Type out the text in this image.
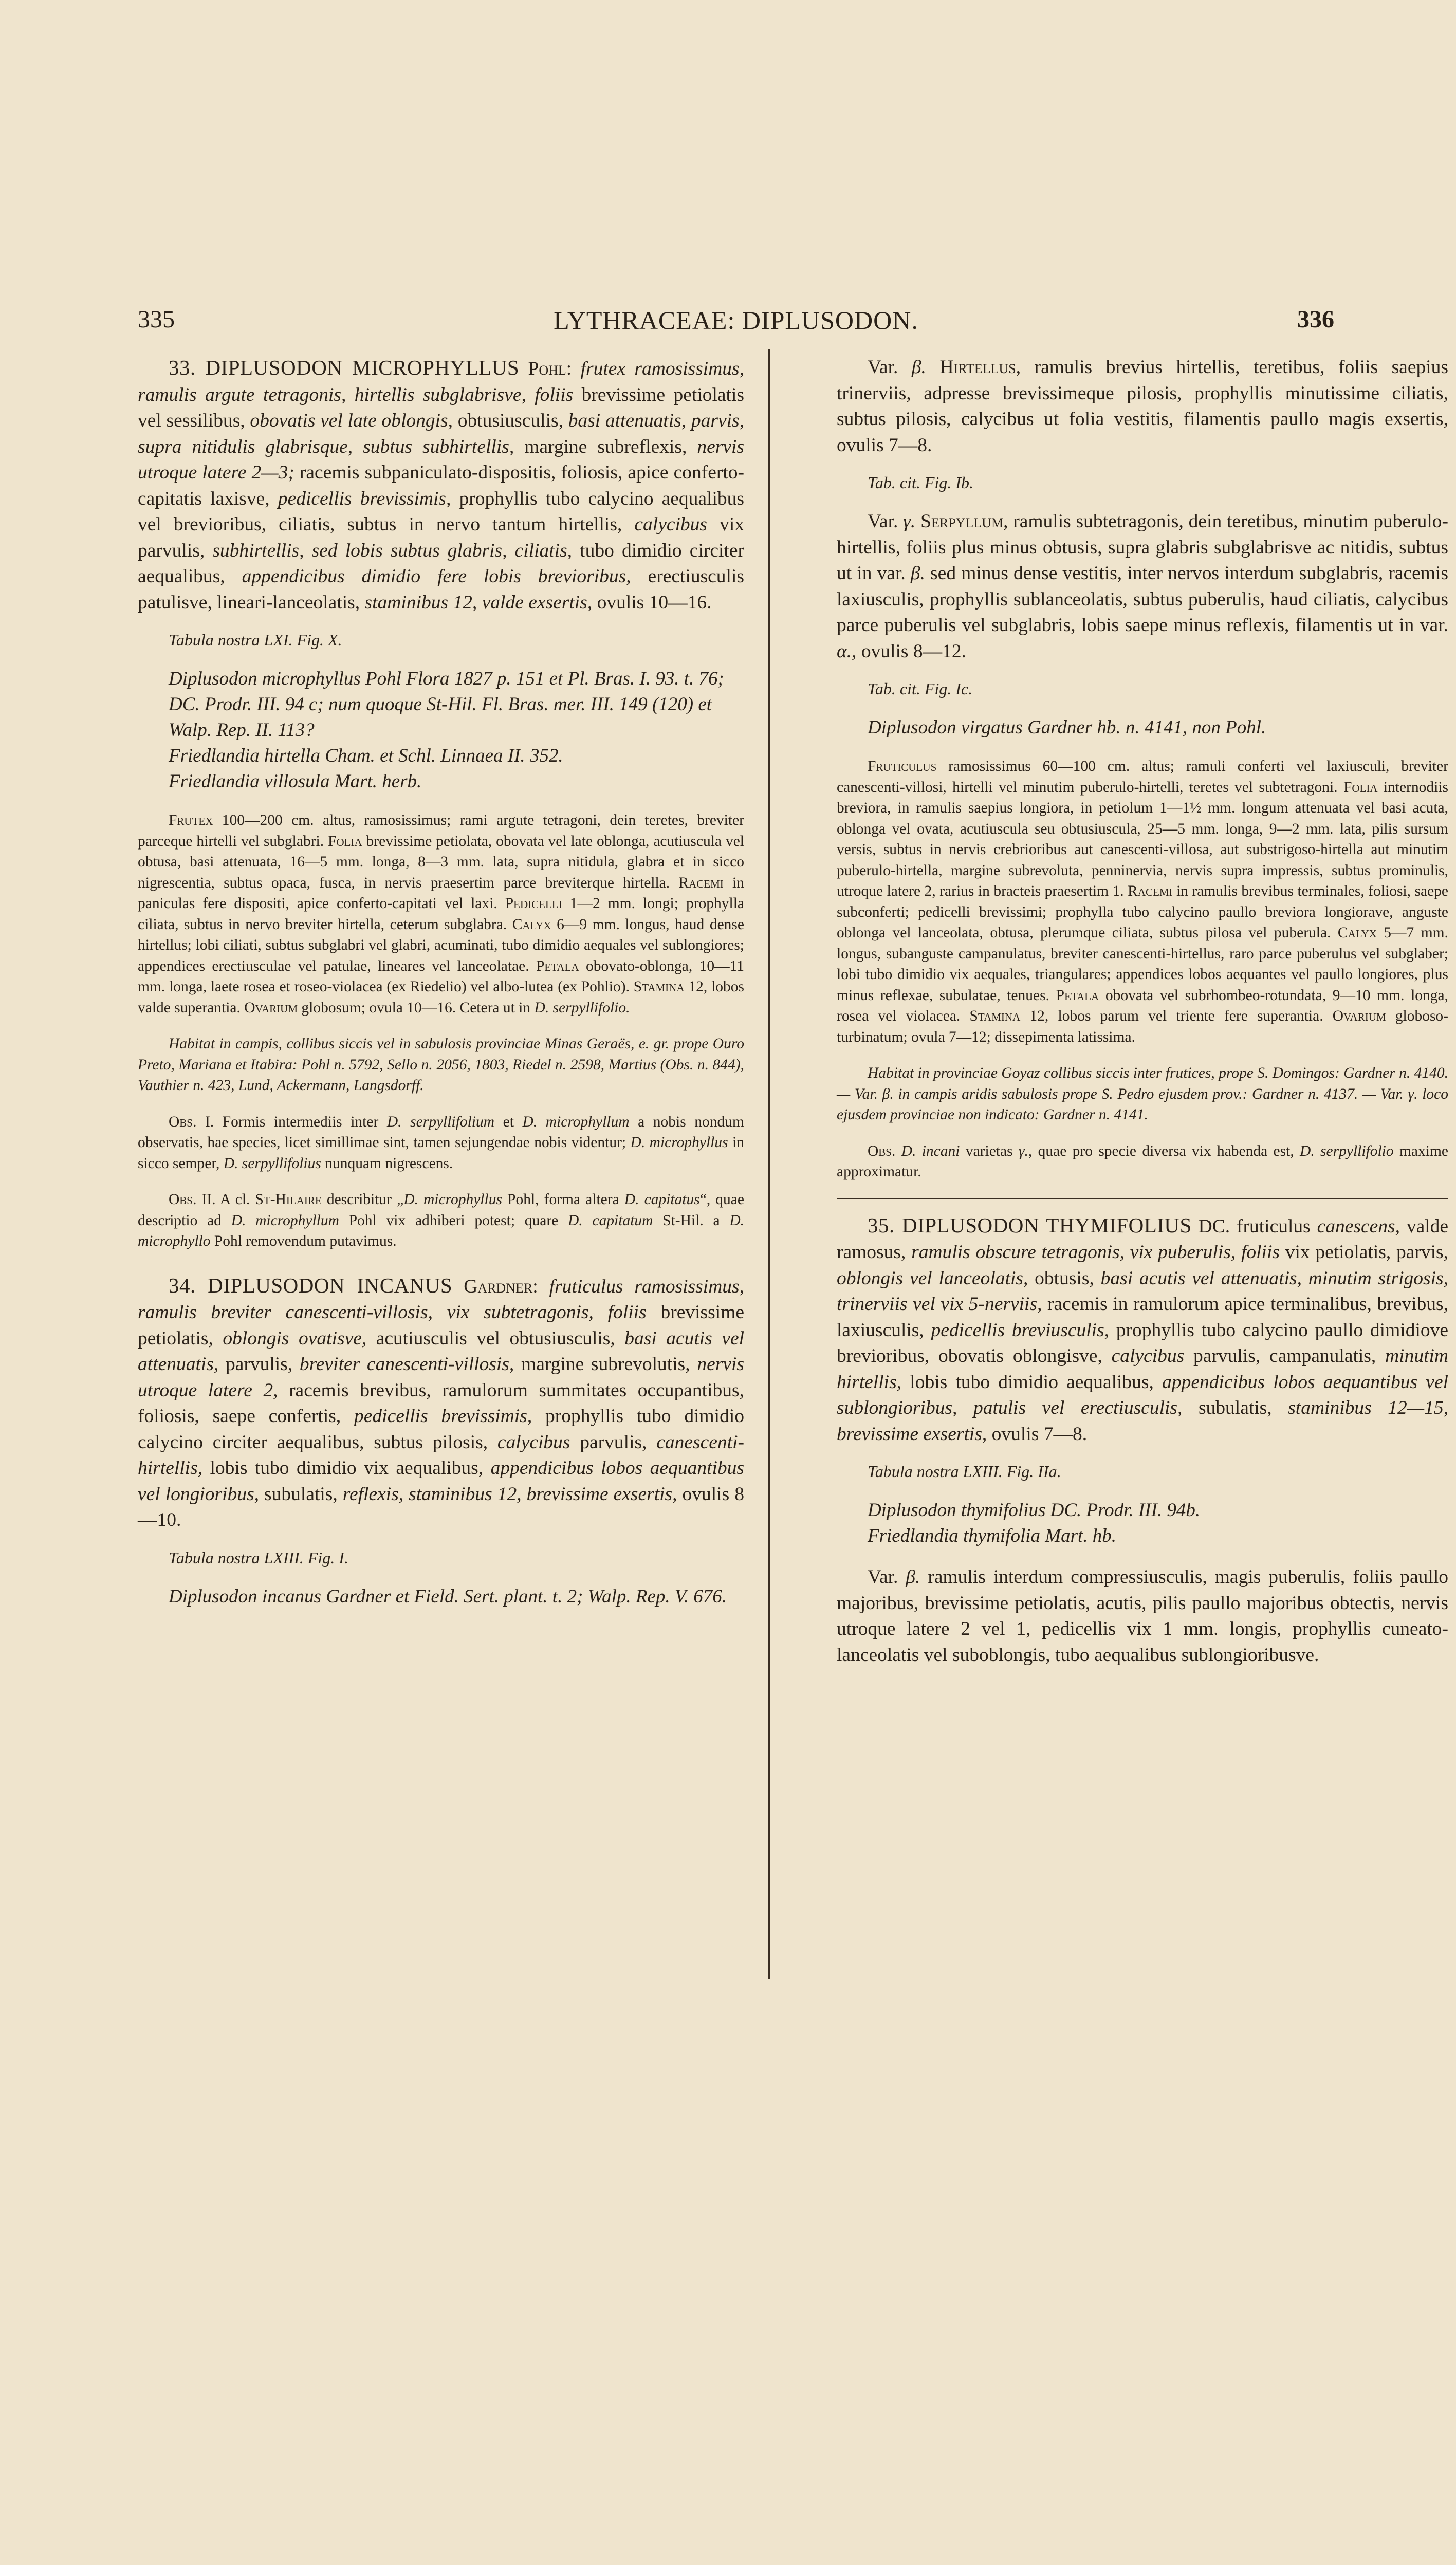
335	LYTHRACEAE: DIPLUSODON.	336

33. DIPLUSODON MICROPHYLLUS Pohl: frutex ramosissimus, ramulis argute tetragonis, hirtellis subglabrisve, foliis brevissime petiolatis vel sessilibus, obovatis vel late oblongis, obtusiusculis, basi attenuatis, parvis, supra nitidulis glabrisque, subtus subhirtellis, margine subreflexis, nervis utroque latere 2—3; racemis subpaniculato-dispositis, foliosis, apice conferto-capitatis laxisve, pedicellis brevissimis, prophyllis tubo calycino aequalibus vel brevioribus, ciliatis, subtus in nervo tantum hirtellis, calycibus vix parvulis, subhirtellis, sed lobis subtus glabris, ciliatis, tubo dimidio circiter aequalibus, appendicibus dimidio fere lobis brevioribus, erectiusculis patulisve, lineari-lanceolatis, staminibus 12, valde exsertis, ovulis 10—16.

Tabula nostra LXI. Fig. X.
Diplusodon microphyllus Pohl Flora 1827 p. 151 et Pl. Bras. I. 93. t. 76; DC. Prodr. III. 94 c; num quoque St-Hil. Fl. Bras. mer. III. 149 (120) et Walp. Rep. II. 113?
Friedlandia hirtella Cham. et Schl. Linnaea II. 352.
Friedlandia villosula Mart. herb.
Frutex 100—200 cm. altus, ramosissimus; rami argute tetragoni, dein teretes, breviter parceque hirtelli vel subglabri. Folia brevissime petiolata, obovata vel late oblonga, acutiuscula vel obtusa, basi attenuata, 16—5 mm. longa, 8—3 mm. lata, supra nitidula, glabra et in sicco nigrescentia, subtus opaca, fusca, in nervis praesertim parce breviterque hirtella. Racemi in paniculas fere dispositi, apice conferto-capitati vel laxi. Pedicelli 1—2 mm. longi; prophylla ciliata, subtus in nervo breviter hirtella, ceterum subglabra. Calyx 6—9 mm. longus, haud dense hirtellus; lobi ciliati, subtus subglabri vel glabri, acuminati, tubo dimidio aequales vel sublongiores; appendices erectiusculae vel patulae, lineares vel lanceolatae. Petala obovato-oblonga, 10—11 mm. longa, laete rosea et roseo-violacea (ex Riedelio) vel albo-lutea (ex Pohlio). Stamina 12, lobos valde superantia. Ovarium globosum; ovula 10—16. Cetera ut in D. serpyllifolio.
Habitat in campis, collibus siccis vel in sabulosis provinciae Minas Geraës, e. gr. prope Ouro Preto, Mariana et Itabira: Pohl n. 5792, Sello n. 2056, 1803, Riedel n. 2598, Martius (Obs. n. 844), Vauthier n. 423, Lund, Ackermann, Langsdorff.
Obs. I. Formis intermediis inter D. serpyllifolium et D. microphyllum a nobis nondum observatis, hae species, licet simillimae sint, tamen sejungendae nobis videntur; D. microphyllus in sicco semper, D. serpyllifolius nunquam nigrescens.
Obs. II. A cl. St-Hilaire describitur „D. microphyllus Pohl, forma altera D. capitatus“, quae descriptio ad D. microphyllum Pohl vix adhiberi potest; quare D. capitatum St-Hil. a D. microphyllo Pohl removendum putavimus.

34. DIPLUSODON INCANUS Gardner: fruticulus ramosissimus, ramulis breviter canescenti-villosis, vix subtetragonis, foliis brevissime petiolatis, oblongis ovatisve, acutiusculis vel obtusiusculis, basi acutis vel attenuatis, parvulis, breviter canescenti-villosis, margine subrevolutis, nervis utroque latere 2, racemis brevibus, ramulorum summitates occupantibus, foliosis, saepe confertis, pedicellis brevissimis, prophyllis tubo dimidio calycino circiter aequalibus, subtus pilosis, calycibus parvulis, canescenti-hirtellis, lobis tubo dimidio vix aequalibus, appendicibus lobos aequantibus vel longioribus, subulatis, reflexis, staminibus 12, brevissime exsertis, ovulis 8—10.

Tabula nostra LXIII. Fig. I.
Diplusodon incanus Gardner et Field. Sert. plant. t. 2; Walp. Rep. V. 676.

Var. β. Hirtellus, ramulis brevius hirtellis, teretibus, foliis saepius trinerviis, adpresse brevissimeque pilosis, prophyllis minutissime ciliatis, subtus pilosis, calycibus ut folia vestitis, filamentis paullo magis exsertis, ovulis 7—8.

Tab. cit. Fig. Ib.

Var. γ. Serpyllum, ramulis subtetragonis, dein teretibus, minutim puberulo-hirtellis, foliis plus minus obtusis, supra glabris subglabrisve ac nitidis, subtus ut in var. β. sed minus dense vestitis, inter nervos interdum subglabris, racemis laxiusculis, prophyllis sublanceolatis, subtus puberulis, haud ciliatis, calycibus parce puberulis vel subglabris, lobis saepe minus reflexis, filamentis ut in var. α., ovulis 8—12.

Tab. cit. Fig. Ic.
Diplusodon virgatus Gardner hb. n. 4141, non Pohl.
Fruticulus ramosissimus 60—100 cm. altus; ramuli conferti vel laxiusculi, breviter canescenti-villosi, hirtelli vel minutim puberulo-hirtelli, teretes vel subtetragoni. Folia internodiis breviora, in ramulis saepius longiora, in petiolum 1—1½ mm. longum attenuata vel basi acuta, oblonga vel ovata, acutiuscula seu obtusiuscula, 25—5 mm. longa, 9—2 mm. lata, pilis sursum versis, subtus in nervis crebrioribus aut canescenti-villosa, aut substrigoso-hirtella aut minutim puberulo-hirtella, margine subrevoluta, penninervia, nervis supra impressis, subtus prominulis, utroque latere 2, rarius in bracteis praesertim 1. Racemi in ramulis brevibus terminales, foliosi, saepe subconferti; pedicelli brevissimi; prophylla tubo calycino paullo breviora longiorave, anguste oblonga vel lanceolata, obtusa, plerumque ciliata, subtus pilosa vel puberula. Calyx 5—7 mm. longus, subanguste campanulatus, breviter canescenti-hirtellus, raro parce puberulus vel subglaber; lobi tubo dimidio vix aequales, triangulares; appendices lobos aequantes vel paullo longiores, plus minus reflexae, subulatae, tenues. Petala obovata vel subrhombeo-rotundata, 9—10 mm. longa, rosea vel violacea. Stamina 12, lobos parum vel triente fere superantia. Ovarium globoso-turbinatum; ovula 7—12; dissepimenta latissima.
Habitat in provinciae Goyaz collibus siccis inter frutices, prope S. Domingos: Gardner n. 4140. — Var. β. in campis aridis sabulosis prope S. Pedro ejusdem prov.: Gardner n. 4137. — Var. γ. loco ejusdem provinciae non indicato: Gardner n. 4141.
Obs. D. incani varietas γ., quae pro specie diversa vix habenda est, D. serpyllifolio maxime approximatur.

35. DIPLUSODON THYMIFOLIUS DC. fruticulus canescens, valde ramosus, ramulis obscure tetragonis, vix puberulis, foliis vix petiolatis, parvis, oblongis vel lanceolatis, obtusis, basi acutis vel attenuatis, minutim strigosis, trinerviis vel vix 5-nerviis, racemis in ramulorum apice terminalibus, brevibus, laxiusculis, pedicellis breviusculis, prophyllis tubo calycino paullo dimidiove brevioribus, obovatis oblongisve, calycibus parvulis, campanulatis, minutim hirtellis, lobis tubo dimidio aequalibus, appendicibus lobos aequantibus vel sublongioribus, patulis vel erectiusculis, subulatis, staminibus 12—15, brevissime exsertis, ovulis 7—8.

Tabula nostra LXIII. Fig. IIa.
Diplusodon thymifolius DC. Prodr. III. 94b.
Friedlandia thymifolia Mart. hb.

Var. β. ramulis interdum compressiusculis, magis puberulis, foliis paullo majoribus, brevissime petiolatis, acutis, pilis paullo majoribus obtectis, nervis utroque latere 2 vel 1, pedicellis vix 1 mm. longis, prophyllis cuneato-lanceolatis vel suboblongis, tubo aequalibus sublongioribusve.
